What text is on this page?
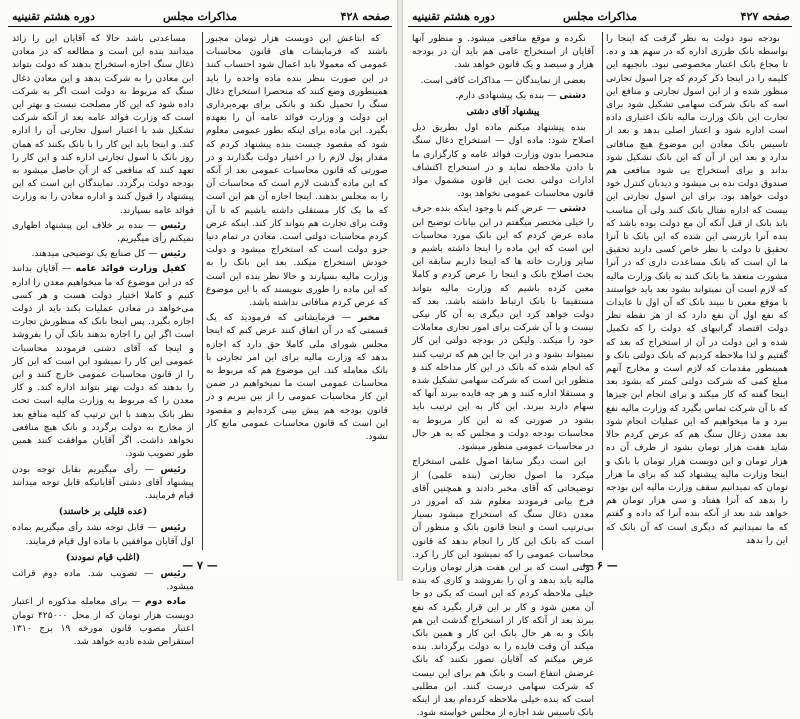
صفحه ۴۲۸
مذاکرات مجلس
دوره هشتم تقنینیه

که ابتاعش این دویست هزار تومان مجبور باشند که فرمایشات های قانون محاسبات عمومی که معمولا باید اعمال شود احتساب کنند در این صورت بنظر بنده ماده واحده را باید همینطوری وضع کنند که منحصرا استخراج ذغال سنگ را تحمیل نکند و بانکی برای بهره‌برداری این دولت و وزارت فوائد عامه آن را بعهده بگیرد. این ماده برای اینکه بطور عمومی معلوم شود که مقصود چیست بنده پیشنهاد کردم که مقدار پول لازم را در اختیار دولت بگذارند و در صورتی که قانون محاسبات عمومی بعد از آنکه که این ماده گذشت لازم است که محاسبات آن را به مجلس بدهند. اینجا اجازه آن هم این است که ما یک کار مستقلی داشته باشیم که تا آن وقت برای تجارت هم بتواند کار کند. اینکه عرض کردم محاسبات دولتی است. معادن در تمام دنیا جزو دولت است که استخراج میشود و دولت خودش استخراج میکند. بعد این بانک را به وزارت مالیه بسپارند و حالا نظر بنده این است که این ماده را طوری بنویسند که با این موضوع که عرض کردم منافاتی نداشته باشد.

مخبر — فرمایشاتی که فرمودید که یک قسمتی که در آن اتفاق کنند عرض کنم که اینجا مجلس شورای ملی کاملا حق دارد که اجازه بدهد که وزارت مالیه برای این امر تجارتی با بانک معامله کند. این موضوع هم که مربوط به محاسبات عمومی است ما نمیخواهیم در ضمن این کار محاسبات عمومی را از بین ببریم و در قانون بودجه هم پیش بینی کرده‌ایم و مقصود این است که قانون محاسبات عمومی مانع کار نشود.

مساعدتی باشد حالا که آقایان این را زائد میدانند بنده این است و مطالعه که در معادن ذغال سنگ اجازه استخراج بدهند که دولت بتواند این معادن را به شرکت بدهد و این معادن ذغال سنگ که مربوط به دولت است اگر به شرکت داده شود که این کار مصلحت نیست و بهتر این است که وزارت فوائد عامه بعد از آنکه شرکت تشکیل شد با اعتبار اسول تجارتی آن را اداره کند. و اینجا باید این کار را با بانک بکنند که همان روز بانک با اسول تجارتی اداره کند و این کار را تعهد کنند که منافعی که از آن حاصل میشود به بودجه دولت برگردد. نمایندگان این است که این پیشنهاد را قبول کنند و اداره معادن را به وزارت فوائد عامه بسپارند.

رئیس — بنده بر خلاف این پیشنهاد اظهاری نمیکنم رأی میگیریم.

رئیس — کل صنایع یک توضیحی میدهند.

کفیل وزارت فوائد عامه — آقایان بدانند که در این موضوع که ما میخواهیم معدن را اداره کنیم و کاملا اختیار دولت هست و هر کسی می‌خواهد در معادن عملیات بکند باید از دولت اجازه بگیرد. پس اینجا بانک که منظورش تجارت است اگر این را اجازه بدهند بانک آن را بفروشد و اینجا که آقای دشتی فرمودند محاسبات عمومی این کار را نمیشود این است که این کار را از قانون محاسبات عمومی خارج کنند و این را بدهند که دولت بهتر بتواند اداره کند. و کار معدن را که مربوط به وزارت مالیه است تحت نظر بانک بدهند با این ترتیب که کلیه منافع بعد از مخارج به دولت برگردد و بانک هیچ منافعی نخواهد داشت. اگر آقایان موافقت کنند همین طور تصویب شود.

رئیس — رأی میگیریم بقابل توجه بودن پیشنهاد آقای دشتی آقایانیکه قابل توجه میدانند قیام فرمایند.

(عده قلیلی بر خاستند)

رئیس — قابل توجه نشد رأی میگیریم بماده اول آقایان موافقین با ماده اول قیام فرمایند.

(اغلب قیام نمودند)

رئیس — تصویب شد. ماده دوم قرائت میشود.

ماده دوم — برای معامله مذکوره از اعتبار دویست هزار تومان که از محل ۴۲۵۰۰۰ تومان اعتبار مصوب قانون مورخه ۱۹ برج ۱۳۱۰ استقراض شده تادیه خواهد شد.

— ۷ —
صفحه ۴۲۷
مذاکرات مجلس
دوره هشتم تقنینیه

بودجه نبود دولت به نظر گرفت که اینجا را بواسطه بانک طرزی اداره که در سهم هد و ده. تا مجاع بانک اعتبار مخصوصی نبود. بانجیهه این کلیمه را در اینجا ذکر کردم که چرا اسول تجارتی منظور شده و از این اسول تجارتی و منافع این اسه که بانک شرکت سهامی تشکیل شود برای تجارت این بانک وزارت مالیه بانک اعتباری داده است اداره شود و اعتبار اصلی بدهد و بعد از تاسیس بانک معادن این موضوع هیچ منافاتی ندارد و بعد این از آن که این بانک تشکیل شود بداند و برای استخراج بی شود منافعی هم صندوق دولت بده بی‌ میشود و دیدبان کنترل خود دولت خواهد بود. برای این اسول تجارتی این بیست که اداره نفتال بانک کنند ولی آن مناسب باید بانک از قبل آنکه آن مع دولت بوده باشد که بنده آنرا بازرسی این شده که این بانک تا آنرا تحقیق تا دولت با نظر خاص کسی دارند تحقیق ما ان است که بانک مساعدت داری که در آنرا مشورت منعقد ما بانک کنند به بانک وزارت مالیه که لازم است آن نمیتواند بشود بعد باید خواستند با موقع معین تا ببیند بانک که آن اول تا عایدات که نفع اول آن نفع دارد که از هر نقطه نظر دولت اقتصاد گرانبهای که دولت را که تکمیل شده و این دولت در آن از استخراج که بعد که گفتیم و لذا ملاحظه کردیم که بانک دولتی بانک و همینطور مقدمات که لازم است و مخارج آنهم مبلغ کمی که شرکت دولتی کمتر که بشود بعد اینجا گفته که کار میکند و برای انجام این چیزها که با آن شرکت تماس بگیرد که وزارت مالیه نفع ببرد و ما میخواهیم که این عملیات انجام شود بعد معدن زغال سنگ هم که عرض کردم حالا شاید هفت هزار تومان بشود از طرف آن ده هزار تومان و این دویست هزار تومان با بانک و اینجا وزارت مالیه پیشنهاد کند که برای ما هزار تومان که نمیدانیم سقف وزارت مالیه این بودجه را بدهد که آنرا هفتاد و سی هزار تومان هم خواهد شد بعد از آنکه بنده آنرا که داده و گفتم که ما نمیدانیم که دیگری است که آن بانک که این را بدهد

نکرده و موقع منافعی میشود. و منظور آنها آقایان از استخراج عامی هم باید آن در بودجه هزار و سیصد و یک قانون خواهد شد.

بعضی از نمایندگان — مذاکرات کافی است.

دشتی — بنده یک پیشنهادی دارم.

پیشنهاد آقای دشتی

بنده پیشنهاد میکنم ماده اول بطریق ذیل اصلاح شود: ماده اول — استخراج ذغال سنگ منحصرا بدون وزارت فوائد عامه و کارگزاری ما با دادن ملاحظه نماید و در استخراج اکتشاف ادارات دولتی تحت این قانون مشمول مواد قانون محاسبات عمومی نخواهد بود.

دشتی — عرض کنم با وجود اینکه بنده حرف را خیلی مختصر میگفتم در این بیانات توضیح این ماده عرض کردم که این بانک مورد محاسبات این است که این ماده را اینجا داشته باشیم و سایر وزارت خانه ها که اینجا داریم سابقه این بحث اصلاح بانک و اینجا را عرض کردم و کاملا معین کرده باشیم که وزارت مالیه بتواند مستقیما با بانک ارتباط داشته باشد. بعد که دولت خواهد کرد این دیگری به آن کار نیکی نیست و با آن شرکت برای امور تجاری معاملات خود را میکند. ولیکن در بودجه دولتی این کار نمیتواند بشود و در این جا این هم که ترتیب کنند که انجام شده که بانک در این کار مداخله کند و منظور این است که شرکت سهامی تشکیل شده و مستقلا اداره کنند و هر چه فایده ببرند آنها که سهام دارند ببرند. این کار به این ترتیب باید بشود در صورتی که نه این کار مربوط به محاسبات بودجه دولت و مجلس که به هر حال در محاسبات عمومی منظور میشود.

این است دیگر سابقا اصول علمی استخراج میکرد ما اصول تجارتی (بنده علمی) از توضیحاتی که آقای مخبر دادند و همچنین آقای فرخ بیانی فرمودند معلوم شد که امروز در معدن ذغال سنگ که استخراج میشود بسیار بی‌ترتیب است و اینجا قانون بانک و منظور آن است که بانک این کار را انجام بدهد که قانون محاسبات عمومی را که نمیشود این کار را کرد. دولتی است که بر این هفت هزار تومان وزارت مالیه باید بدهد و آن را بفروشد و کاری که بنده خیلی ملاحظه کردم که این است که یکی دو جا آن معین شود و کار بر این قرار بگیرد که نفع ببرند بعد از آنکه کار از استخراج گذشت این هم بانک و به هر حال بانک این کار و همین بانک میکند آن وقت فایده را به دولت برگرداند. بنده عرض میکنم که آقایان تصور نکنند که بانک غرضش انتفاع است و بانک هم برای این نیست که شرکت سهامی درست کنند. این مطلبی است که بنده خیلی ملاحظه کرده‌ام بعد از اینکه بانک تاسیس شد اجازه از مجلس خواسته شود.

— ۶ —
